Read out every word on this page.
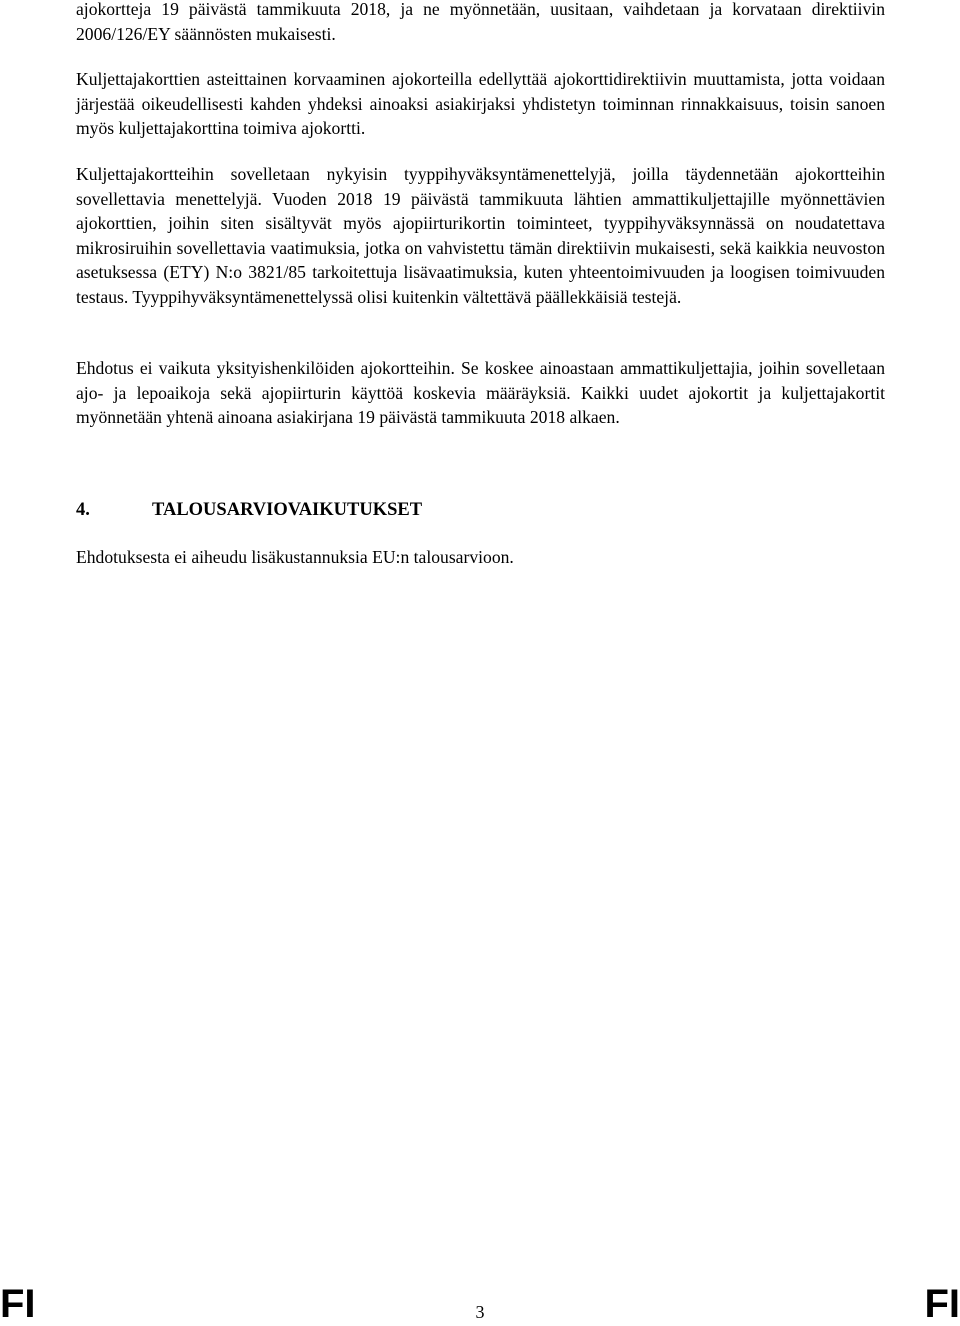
ajokortteja 19 päivästä tammikuuta 2018, ja ne myönnetään, uusitaan, vaihdetaan ja korvataan direktiivin 2006/126/EY säännösten mukaisesti.

Kuljettajakorttien asteittainen korvaaminen ajokorteilla edellyttää ajokorttidirektiivin muuttamista, jotta voidaan järjestää oikeudellisesti kahden yhdeksi ainoaksi asiakirjaksi yhdistetyn toiminnan rinnakkaisuus, toisin sanoen myös kuljettajakorttina toimiva ajokortti.

Kuljettajakortteihin sovelletaan nykyisin tyyppihyväksyntämenettelyjä, joilla täydennetään ajokortteihin sovellettavia menettelyjä. Vuoden 2018 19 päivästä tammikuuta lähtien ammattikuljettajille myönnettävien ajokorttien, joihin siten sisältyvät myös ajopiirturikortin toiminteet, tyyppihyväksynnässä on noudatettava mikrosiruihin sovellettavia vaatimuksia, jotka on vahvistettu tämän direktiivin mukaisesti, sekä kaikkia neuvoston asetuksessa (ETY) N:o 3821/85 tarkoitettuja lisävaatimuksia, kuten yhteentoimivuuden ja loogisen toimivuuden testaus. Tyyppihyväksyntämenettelyssä olisi kuitenkin vältettävä päällekkäisiä testejä.

Ehdotus ei vaikuta yksityishenkilöiden ajokortteihin. Se koskee ainoastaan ammattikuljettajia, joihin sovelletaan ajo- ja lepoaikoja sekä ajopiirturin käyttöä koskevia määräyksiä. Kaikki uudet ajokortit ja kuljettajakortit myönnetään yhtenä ainoana asiakirjana 19 päivästä tammikuuta 2018 alkaen.

4.	TALOUSARVIOVAIKUTUKSET

Ehdotuksesta ei aiheudu lisäkustannuksia EU:n talousarvioon.

FI	3	FI
